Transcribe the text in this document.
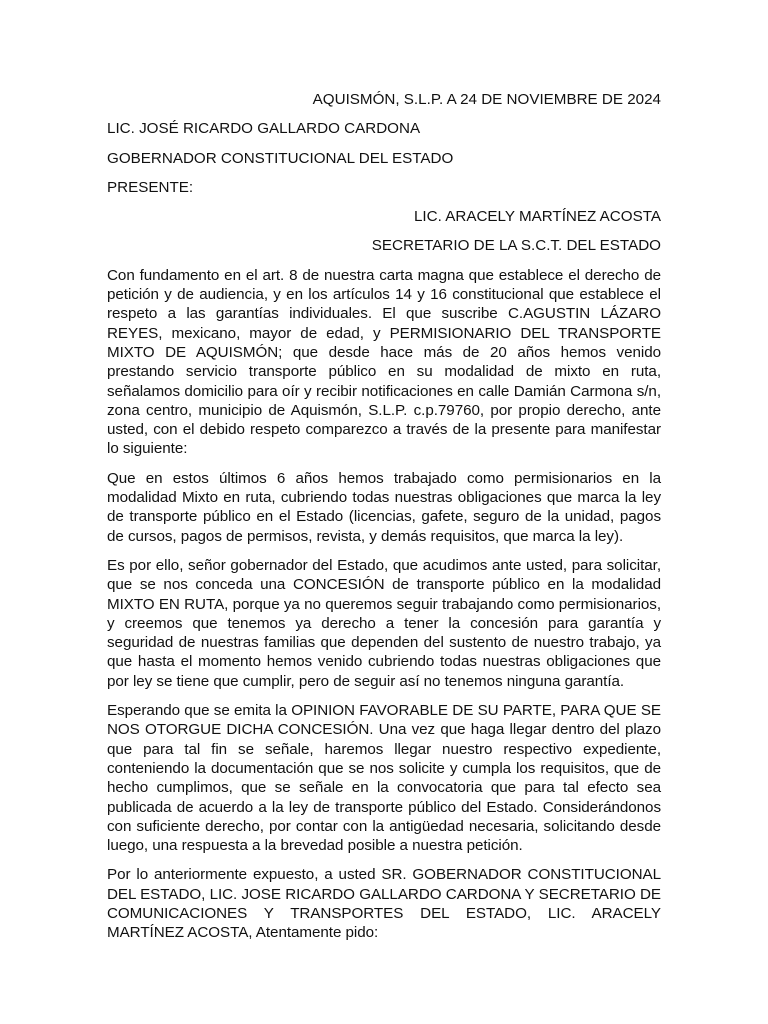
AQUISMÓN, S.L.P. A 24 DE NOVIEMBRE DE 2024

LIC. JOSÉ RICARDO GALLARDO CARDONA

GOBERNADOR CONSTITUCIONAL DEL ESTADO

PRESENTE:

LIC. ARACELY MARTÍNEZ ACOSTA

SECRETARIO DE LA S.C.T. DEL ESTADO

Con fundamento en el art. 8 de nuestra carta magna que establece el derecho de petición y de audiencia, y en los artículos 14 y 16 constitucional que establece el respeto a las garantías individuales. El que suscribe C.AGUSTIN LÁZARO REYES, mexicano, mayor de edad, y PERMISIONARIO DEL TRANSPORTE MIXTO DE AQUISMÓN; que desde hace más de 20 años hemos venido prestando servicio transporte público en su modalidad de mixto en ruta, señalamos domicilio para oír y recibir notificaciones en calle Damián Carmona s/n, zona centro, municipio de Aquismón, S.L.P. c.p.79760, por propio derecho, ante usted, con el debido respeto comparezco a través de la presente para manifestar lo siguiente:

Que en estos últimos 6 años hemos trabajado como permisionarios en la modalidad Mixto en ruta, cubriendo todas nuestras obligaciones que marca la ley de transporte público en el Estado (licencias, gafete, seguro de la unidad, pagos de cursos, pagos de permisos, revista, y demás requisitos, que marca la ley).

Es por ello, señor gobernador del Estado, que acudimos ante usted, para solicitar, que se nos conceda una CONCESIÓN de transporte público en la modalidad MIXTO EN RUTA, porque ya no queremos seguir trabajando como permisionarios, y creemos que tenemos ya derecho a tener la concesión para garantía y seguridad de nuestras familias que dependen del sustento de nuestro trabajo, ya que hasta el momento hemos venido cubriendo todas nuestras obligaciones que por ley se tiene que cumplir, pero de seguir así no tenemos ninguna garantía.

Esperando que se emita la OPINION FAVORABLE DE SU PARTE, PARA QUE SE NOS OTORGUE DICHA CONCESIÓN. Una vez que haga llegar dentro del plazo que para tal fin se señale, haremos llegar nuestro respectivo expediente, conteniendo la documentación que se nos solicite y cumpla los requisitos, que de hecho cumplimos, que se señale en la convocatoria que para tal efecto sea publicada de acuerdo a la ley de transporte público del Estado. Considerándonos con suficiente derecho, por contar con la antigüedad necesaria, solicitando desde luego, una respuesta a la brevedad posible a nuestra petición.

Por lo anteriormente expuesto, a usted SR. GOBERNADOR CONSTITUCIONAL DEL ESTADO, LIC. JOSE RICARDO GALLARDO CARDONA Y SECRETARIO DE COMUNICACIONES Y TRANSPORTES DEL ESTADO, LIC. ARACELY MARTÍNEZ ACOSTA, Atentamente pido:
